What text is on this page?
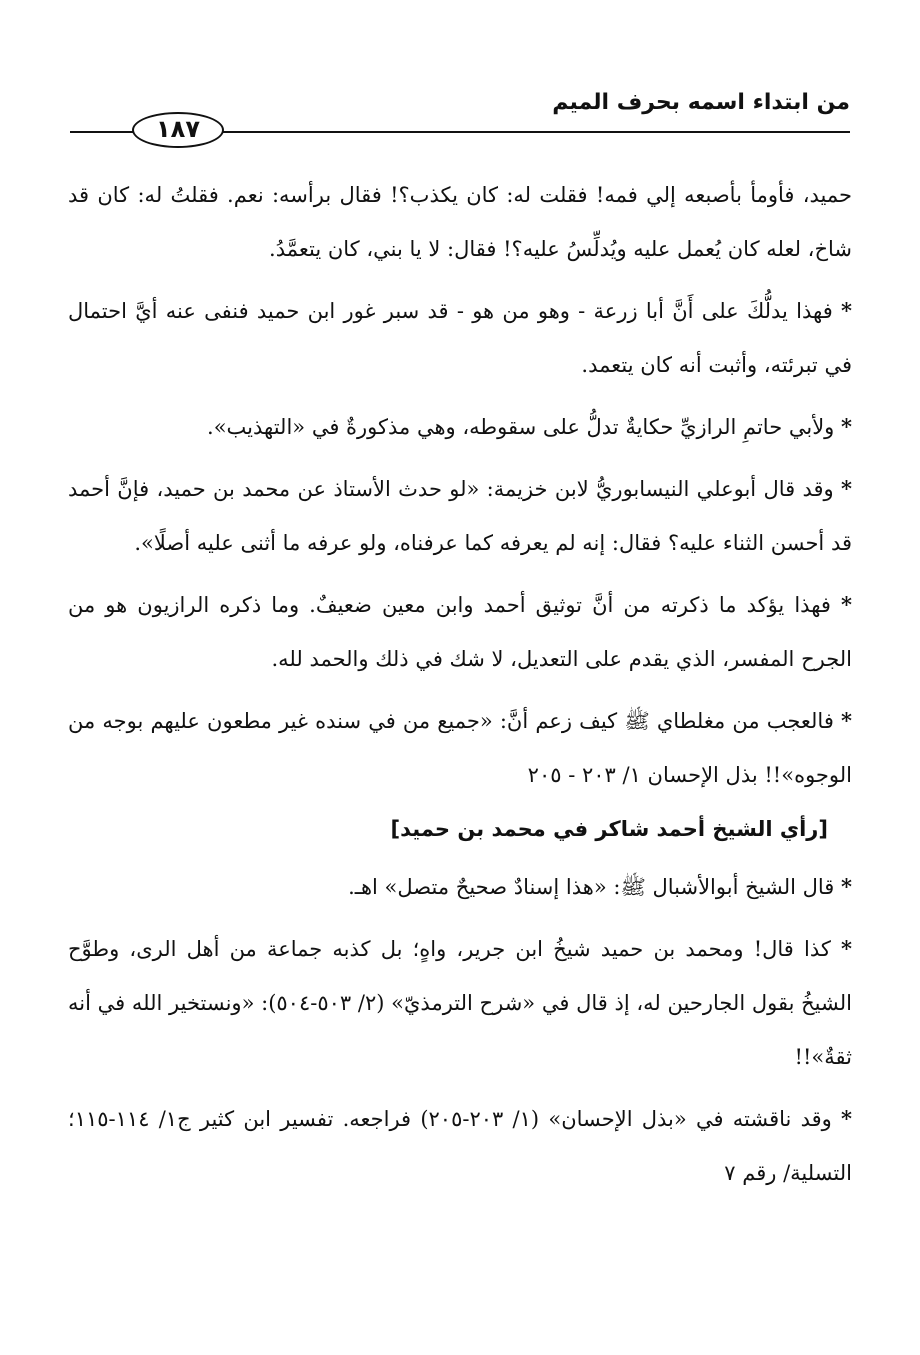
من ابتداء اسمه بحرف الميم
١٨٧

حميد، فأومأ بأصبعه إلي فمه! فقلت له: كان يكذب؟! فقال برأسه: نعم. فقلتُ له: كان قد شاخ، لعله كان يُعمل عليه ويُدلِّسُ عليه؟! فقال: لا يا بني، كان يتعمَّدُ.

* فهذا يدلُّكَ على أَنَّ أبا زرعة - وهو من هو - قد سبر غور ابن حميد فنفى عنه أيَّ احتمال في تبرئته، وأثبت أنه كان يتعمد.

* ولأبي حاتمِ الرازيِّ حكايةٌ تدلُّ على سقوطه، وهي مذكورةٌ في «التهذيب».

* وقد قال أبوعلي النيسابوريُّ لابن خزيمة: «لو حدث الأستاذ عن محمد بن حميد، فإنَّ أحمد قد أحسن الثناء عليه؟ فقال: إنه لم يعرفه كما عرفناه، ولو عرفه ما أثنى عليه أصلًا».

* فهذا يؤكد ما ذكرته من أنَّ توثيق أحمد وابن معين ضعيفٌ. وما ذكره الرازيون هو من الجرح المفسر، الذي يقدم على التعديل، لا شك في ذلك والحمد لله.

* فالعجب من مغلطاي ﷺ كيف زعم أنَّ: «جميع من في سنده غير مطعون عليهم بوجه من الوجوه»!! بذل الإحسان ١/ ٢٠٣ - ٢٠٥

[رأي الشيخ أحمد شاكر في محمد بن حميد]

* قال الشيخ أبوالأشبال ﷺ: «هذا إسنادٌ صحيحٌ متصل» اهـ.

* كذا قال! ومحمد بن حميد شيخُ ابن جرير، واهٍ؛ بل كذبه جماعة من أهل الرى، وطوَّح الشيخُ بقول الجارحين له، إذ قال في «شرح الترمذيّ» (٢/ ٥٠٣-٥٠٤): «ونستخير الله في أنه ثقةٌ»!!

* وقد ناقشته في «بذل الإحسان» (١/ ٢٠٣-٢٠٥) فراجعه. تفسير ابن كثير ج١/ ١١٤-١١٥؛ التسلية/ رقم ٧
